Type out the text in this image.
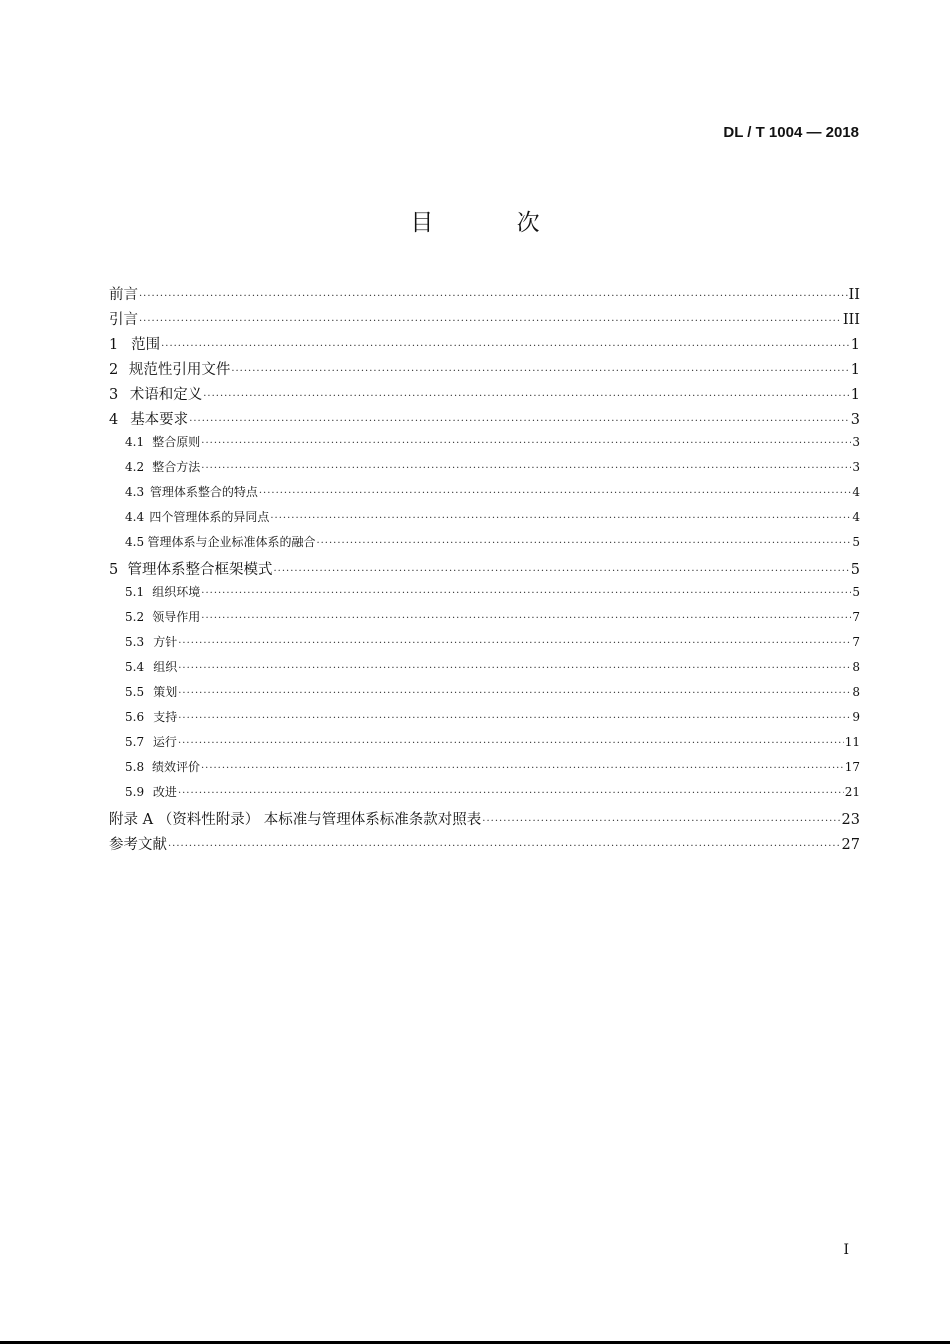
DL / T 1004 — 2018
目 次
前言 ·····	II
引言 ·····	III
1 范围 ·····	1
2 规范性引用文件 ·····	1
3 术语和定义 ·····	1
4 基本要求 ·····	3
4.1 整合原则 ·····	3
4.2 整合方法 ·····	3
4.3 管理体系整合的特点 ·····	4
4.4 四个管理体系的异同点 ·····	4
4.5 管理体系与企业标准体系的融合 ·····	5
5 管理体系整合框架模式 ·····	5
5.1 组织环境 ·····	5
5.2 领导作用 ·····	7
5.3 方针 ·····	7
5.4 组织 ·····	8
5.5 策划 ·····	8
5.6 支持 ·····	9
5.7 运行 ·····	11
5.8 绩效评价 ·····	17
5.9 改进 ·····	21
附录 A （资料性附录） 本标准与管理体系标准条款对照表 ·····	23
参考文献 ·····	27
I
